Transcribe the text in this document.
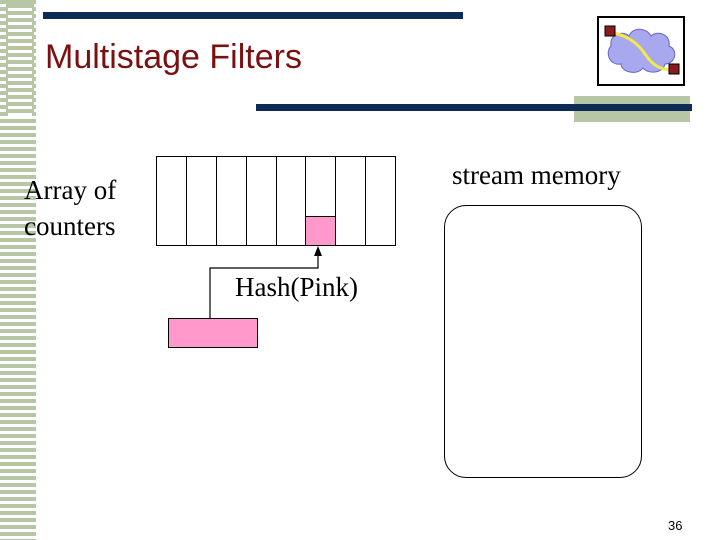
Multistage Filters
Array of counters
stream memory
Hash(Pink)
36
